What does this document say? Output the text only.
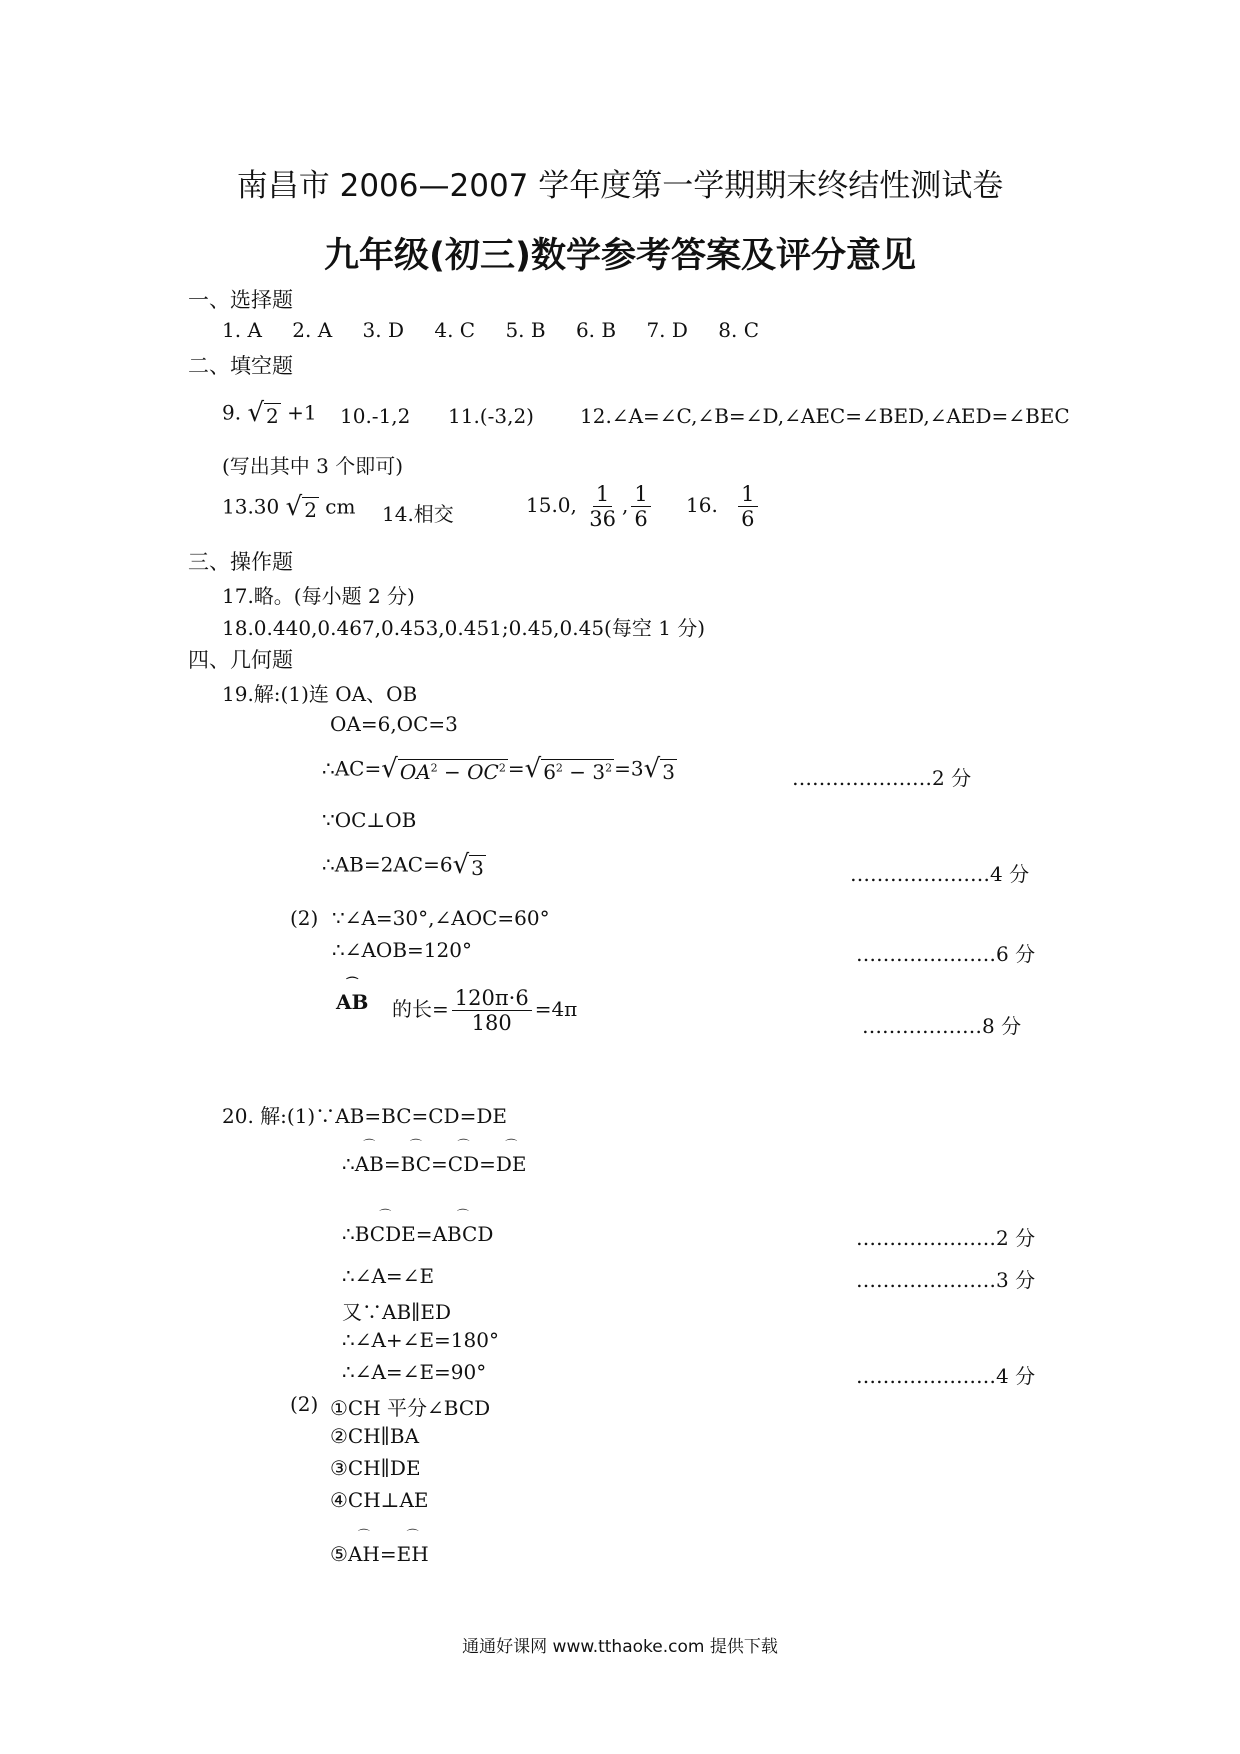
南昌市 2006—2007 学年度第一学期期末终结性测试卷
九年级(初三)数学参考答案及评分意见
一、选择题
1. A 2. A 3. D 4. C 5. B 6. B 7. D 8. C
二、填空题
9. √ 2 +1 10.-1,2 11.(-3,2) 12.∠A=∠C,∠B=∠D,∠AEC=∠BED,∠AED=∠BEC
(写出其中 3 个即可)
13.30 √ 2 cm 14.相交	15.0, $\frac{1}{36}$ , $\frac{1}{6} 16$. $\frac{1}{6}$
三、操作题
17.略。(每小题 2 分)
18.0.440,0.467,0.453,0.451;0.45,0.45(每空 1 分)
四、几何题
19.解:(1)连 OA、OB
OA=6,OC=3
∴AC= √ $OA^2 - OC^2$ = √ $6^2 - 3^2 =3$ √ 3	…………………2 分
∵OC⊥OB
∴AB=2AC=6 √ 3	…………………4 分
(2) ∵∠A=30°,∠AOC=60°
∴∠AOB=120°	…………………6 分
⌒ AB 的长= $\frac{120\pi\cdot 6}{180} =4\pi$
………………8 分
20. 解:(1)∵AB=BC=CD=DE
∴⌒ AB=⌒ BC=⌒ CD=⌒ DE
∴⌒ BCDE=⌒ ABCD	…………………2 分
∴∠A=∠E	…………………3 分
又∵AB∥ED
∴∠A+∠E=180°
∴∠A=∠E=90°	…………………4 分
(2) ①CH 平分∠BCD
②CH∥BA
③CH∥DE
④CH⊥AE
⑤⌒ AH=⌒ EH
通通好课网 www.tthaoke.com 提供下载
